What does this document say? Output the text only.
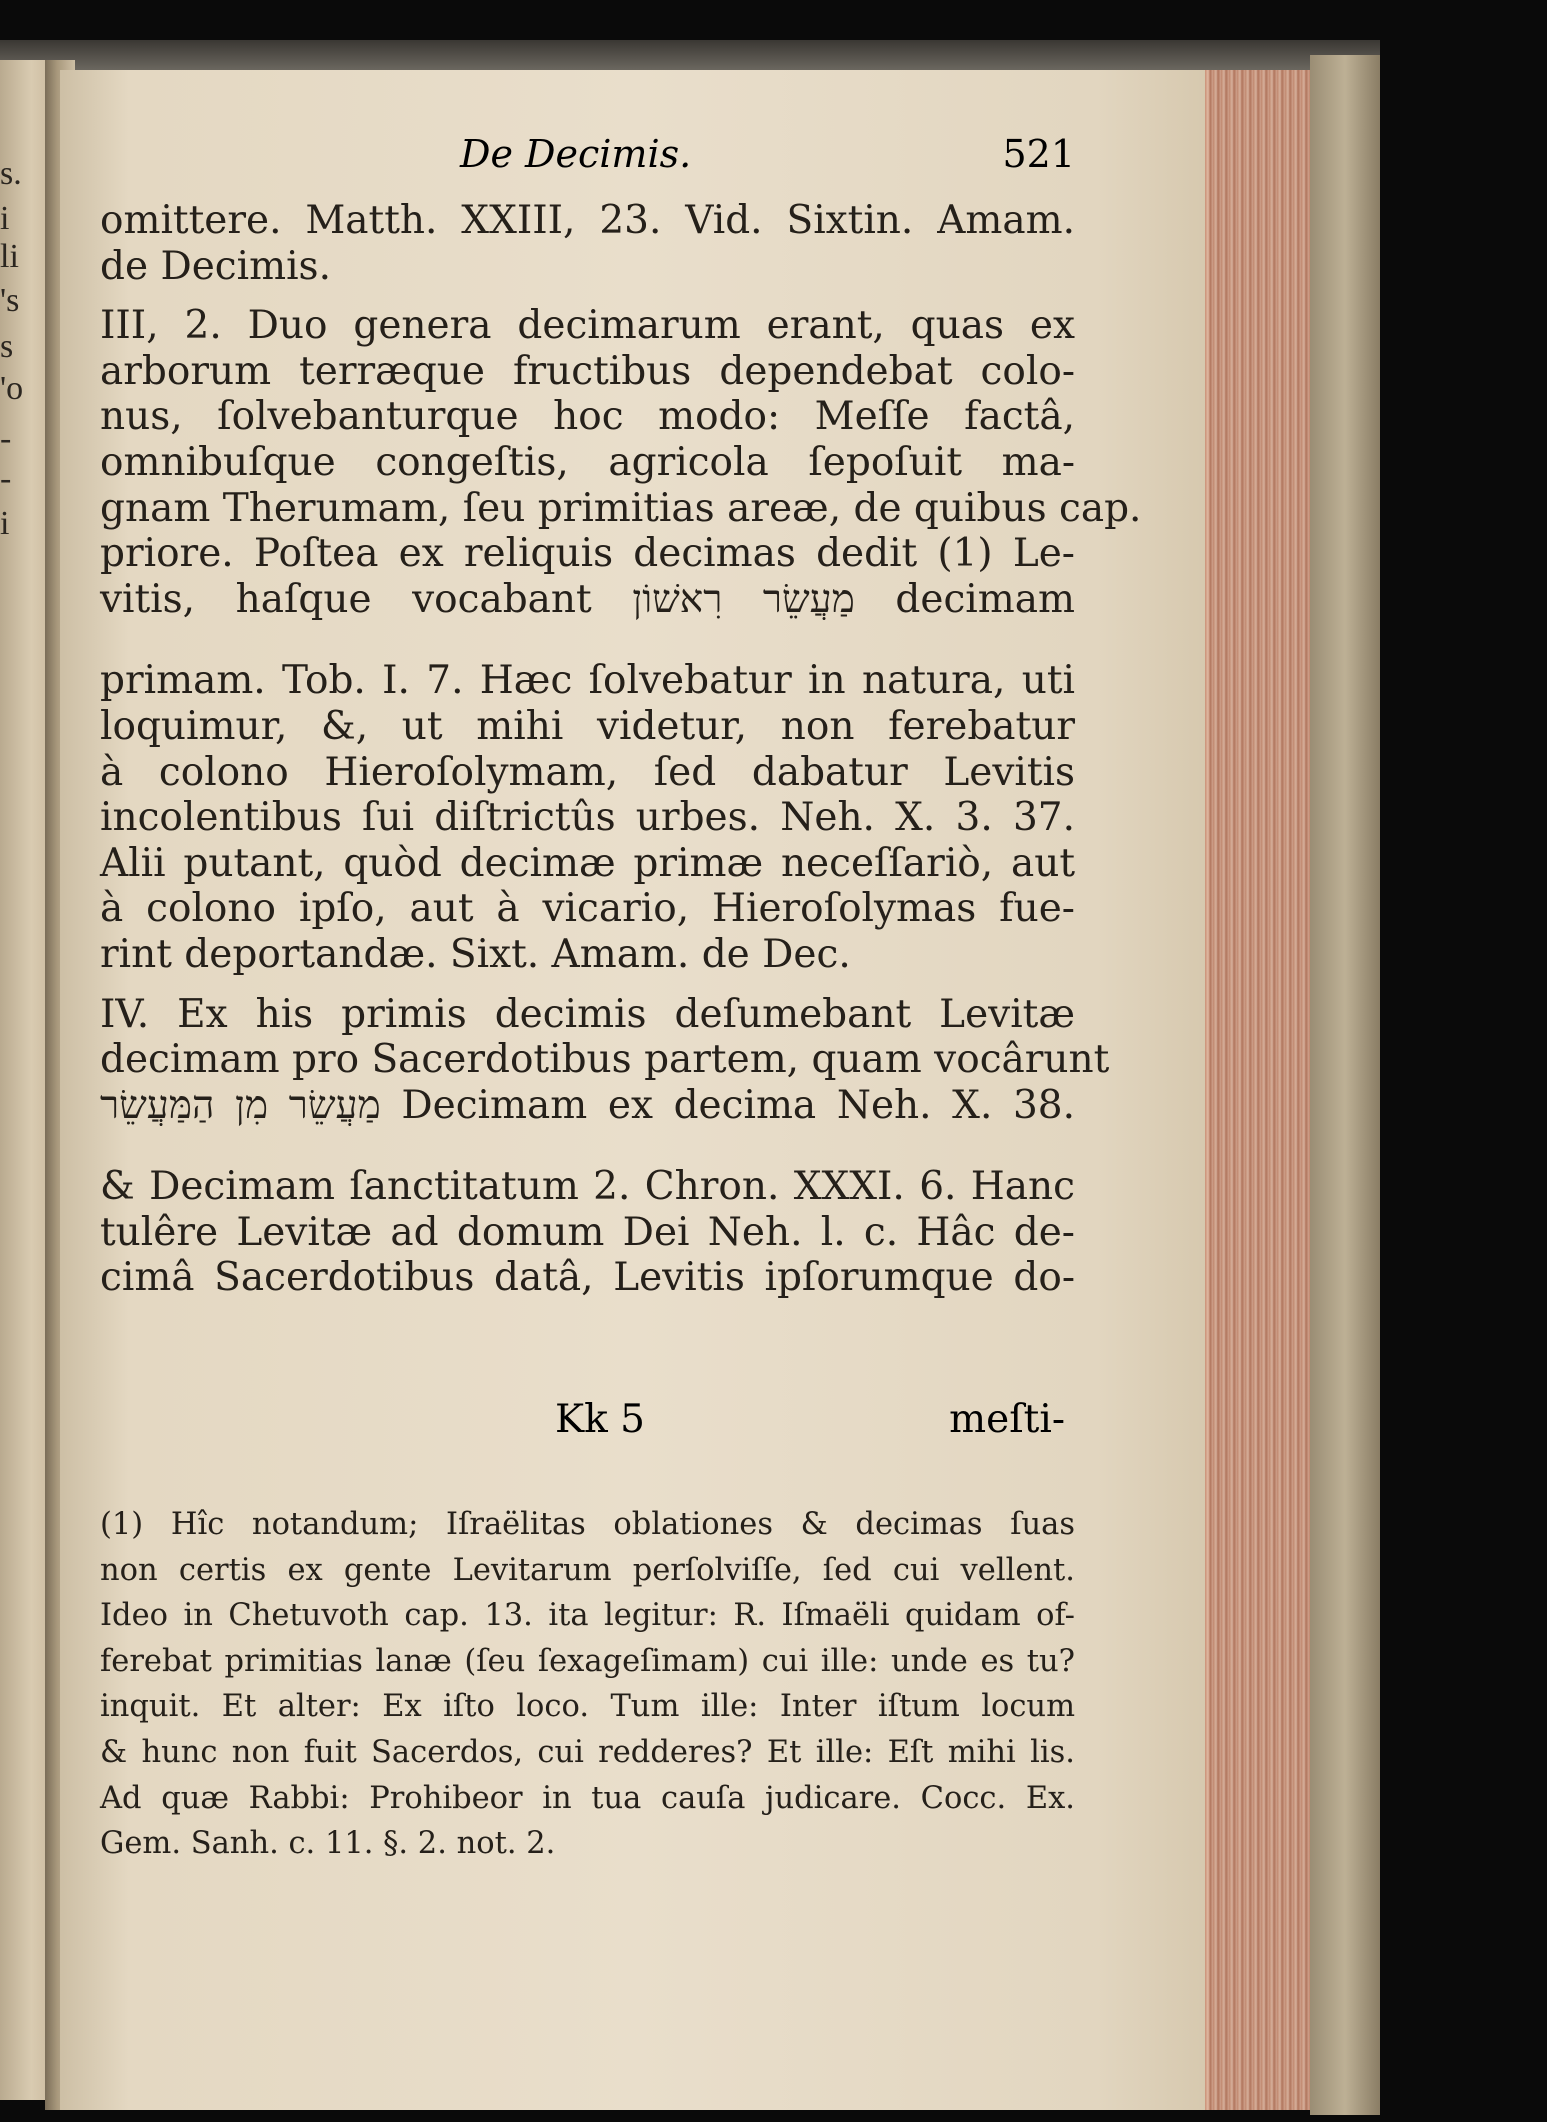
s.
i
li
's
s
'o
-
-
i
De Decimis.	521
omittere. Matth. XXIII, 23. Vid. Sixtin. Amam.
de Decimis.
III, 2. Duo genera decimarum erant, quas ex
arborum terræque fructibus dependebat colo-
nus, ſolvebanturque hoc modo: Meſſe factâ,
omnibuſque congeſtis, agricola ſepoſuit ma-
gnam Therumam, ſeu primitias areæ, de quibus cap.
priore. Poſtea ex reliquis decimas dedit (1) Le-
vitis, haſque vocabant מַעֲשֵׂר רִאשׁוֹן decimam
primam. Tob. I. 7. Hæc ſolvebatur in natura, uti
loquimur, &, ut mihi videtur, non ferebatur
à colono Hieroſolymam, ſed dabatur Levitis
incolentibus ſui diſtrictûs urbes. Neh. X. 3. 37.
Alii putant, quòd decimæ primæ neceſſariò, aut
à colono ipſo, aut à vicario, Hieroſolymas fue-
rint deportandæ. Sixt. Amam. de Dec.
IV. Ex his primis decimis deſumebant Levitæ
decimam pro Sacerdotibus partem, quam vocârunt
מַעֲשֵׂר מִן הַמַּעֲשֵׂר Decimam ex decima Neh. X. 38.
& Decimam ſanctitatum 2. Chron. XXXI. 6. Hanc
tulêre Levitæ ad domum Dei Neh. l. c. Hâc de-
cimâ Sacerdotibus datâ, Levitis ipſorumque do-
Kk 5	meſti-
(1) Hîc notandum; Iſraëlitas oblationes & decimas ſuas
non certis ex gente Levitarum perſolviſſe, ſed cui vellent.
Ideo in Chetuvoth cap. 13. ita legitur: R. Iſmaëli quidam of-
ferebat primitias lanæ (ſeu ſexageſimam) cui ille: unde es tu?
inquit. Et alter: Ex iſto loco. Tum ille: Inter iſtum locum
& hunc non fuit Sacerdos, cui redderes? Et ille: Eſt mihi lis.
Ad quæ Rabbi: Prohibeor in tua cauſa judicare. Cocc. Ex.
Gem. Sanh. c. 11. §. 2. not. 2.
